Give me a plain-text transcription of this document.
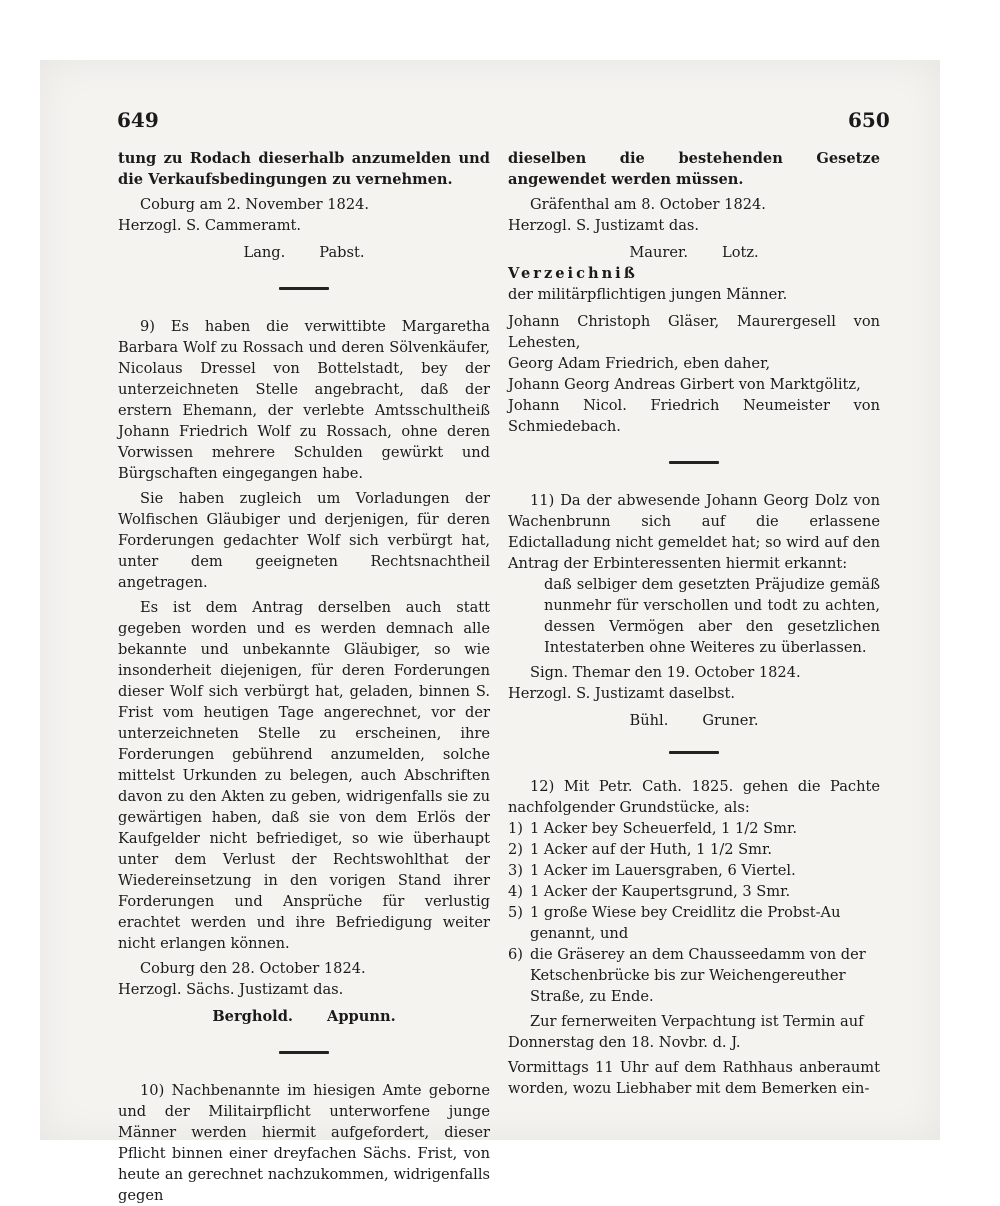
649	650

tung zu Rodach dieserhalb anzumelden und die Verkaufsbedingungen zu vernehmen.

Coburg am 2. November 1824.

Herzogl. S. Cammeramt.

Lang. Pabst.

9) Es haben die verwittibte Margaretha Barbara Wolf zu Rossach und deren Sölvenkäufer, Nicolaus Dressel von Bottelstadt, bey der unterzeichneten Stelle angebracht, daß der erstern Ehemann, der verlebte Amtsschultheiß Johann Friedrich Wolf zu Rossach, ohne deren Vorwissen mehrere Schulden gewürkt und Bürgschaften eingegangen habe.

Sie haben zugleich um Vorladungen der Wolfischen Gläubiger und derjenigen, für deren Forderungen gedachter Wolf sich verbürgt hat, unter dem geeigneten Rechtsnachtheil angetragen.

Es ist dem Antrag derselben auch statt gegeben worden und es werden demnach alle bekannte und unbekannte Gläubiger, so wie insonderheit diejenigen, für deren Forderungen dieser Wolf sich verbürgt hat, geladen, binnen S. Frist vom heutigen Tage angerechnet, vor der unterzeichneten Stelle zu erscheinen, ihre Forderungen gebührend anzumelden, solche mittelst Urkunden zu belegen, auch Abschriften davon zu den Akten zu geben, widrigenfalls sie zu gewärtigen haben, daß sie von dem Erlös der Kaufgelder nicht befriediget, so wie überhaupt unter dem Verlust der Rechtswohlthat der Wiedereinsetzung in den vorigen Stand ihrer Forderungen und Ansprüche für verlustig erachtet werden und ihre Befriedigung weiter nicht erlangen können.

Coburg den 28. October 1824.

Herzogl. Sächs. Justizamt das.

Berghold. Appunn.

10) Nachbenannte im hiesigen Amte geborne und der Militairpflicht unterworfene junge Männer werden hiermit aufgefordert, dieser Pflicht binnen einer dreyfachen Sächs. Frist, von heute an gerechnet nachzukommen, widrigenfalls gegen

dieselben die bestehenden Gesetze angewendet werden müssen.

Gräfenthal am 8. October 1824.

Herzogl. S. Justizamt das.

Maurer. Lotz.

Verzeichniß

der militärpflichtigen jungen Männer.

Johann Christoph Gläser, Maurergesell von Lehesten,

Georg Adam Friedrich, eben daher,

Johann Georg Andreas Girbert von Marktgölitz,

Johann Nicol. Friedrich Neumeister von Schmiedebach.

11) Da der abwesende Johann Georg Dolz von Wachenbrunn sich auf die erlassene Edictalladung nicht gemeldet hat; so wird auf den Antrag der Erbinteressenten hiermit erkannt:

daß selbiger dem gesetzten Präjudize gemäß nunmehr für verschollen und todt zu achten, dessen Vermögen aber den gesetzlichen Intestaterben ohne Weiteres zu überlassen.

Sign. Themar den 19. October 1824.

Herzogl. S. Justizamt daselbst.

Bühl. Gruner.

12) Mit Petr. Cath. 1825. gehen die Pachte nachfolgender Grundstücke, als:

1) 1 Acker bey Scheuerfeld, 1 1/2 Smr.
2) 1 Acker auf der Huth, 1 1/2 Smr.
3) 1 Acker im Lauersgraben, 6 Viertel.
4) 1 Acker der Kaupertsgrund, 3 Smr.
5) 1 große Wiese bey Creidlitz die Probst-Au genannt, und
6) die Gräserey an dem Chausseedamm von der Ketschenbrücke bis zur Weichengereuther Straße, zu Ende.

Zur fernerweiten Verpachtung ist Termin auf

Donnerstag den 18. Novbr. d. J.

Vormittags 11 Uhr auf dem Rathhaus anberaumt worden, wozu Liebhaber mit dem Bemerken ein-
